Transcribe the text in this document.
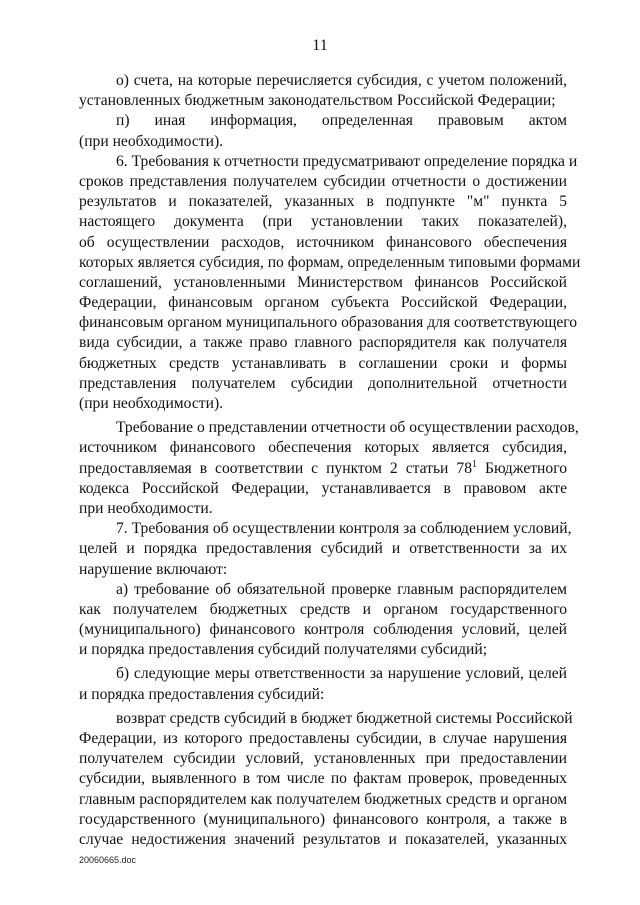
11
о) счета, на которые перечисляется субсидия, с учетом положений,
установленных бюджетным законодательством Российской Федерации;
п) иная информация, определенная правовым актом
(при необходимости).
6. Требования к отчетности предусматривают определение порядка и
сроков представления получателем субсидии отчетности о достижении
результатов и показателей, указанных в подпункте "м" пункта 5
настоящего документа (при установлении таких показателей),
об осуществлении расходов, источником финансового обеспечения
которых является субсидия, по формам, определенным типовыми формами
соглашений, установленными Министерством финансов Российской
Федерации, финансовым органом субъекта Российской Федерации,
финансовым органом муниципального образования для соответствующего
вида субсидии, а также право главного распорядителя как получателя
бюджетных средств устанавливать в соглашении сроки и формы
представления получателем субсидии дополнительной отчетности
(при необходимости).
Требование о представлении отчетности об осуществлении расходов,
источником финансового обеспечения которых является субсидия,
предоставляемая в соответствии с пунктом 2 статьи $78^1$ Бюджетного
кодекса Российской Федерации, устанавливается в правовом акте
при необходимости.
7. Требования об осуществлении контроля за соблюдением условий,
целей и порядка предоставления субсидий и ответственности за их
нарушение включают:
а) требование об обязательной проверке главным распорядителем
как получателем бюджетных средств и органом государственного
(муниципального) финансового контроля соблюдения условий, целей
и порядка предоставления субсидий получателями субсидий;
б) следующие меры ответственности за нарушение условий, целей
и порядка предоставления субсидий:
возврат средств субсидий в бюджет бюджетной системы Российской
Федерации, из которого предоставлены субсидии, в случае нарушения
получателем субсидии условий, установленных при предоставлении
субсидии, выявленного в том числе по фактам проверок, проведенных
главным распорядителем как получателем бюджетных средств и органом
государственного (муниципального) финансового контроля, а также в
случае недостижения значений результатов и показателей, указанных
20060665.doc
